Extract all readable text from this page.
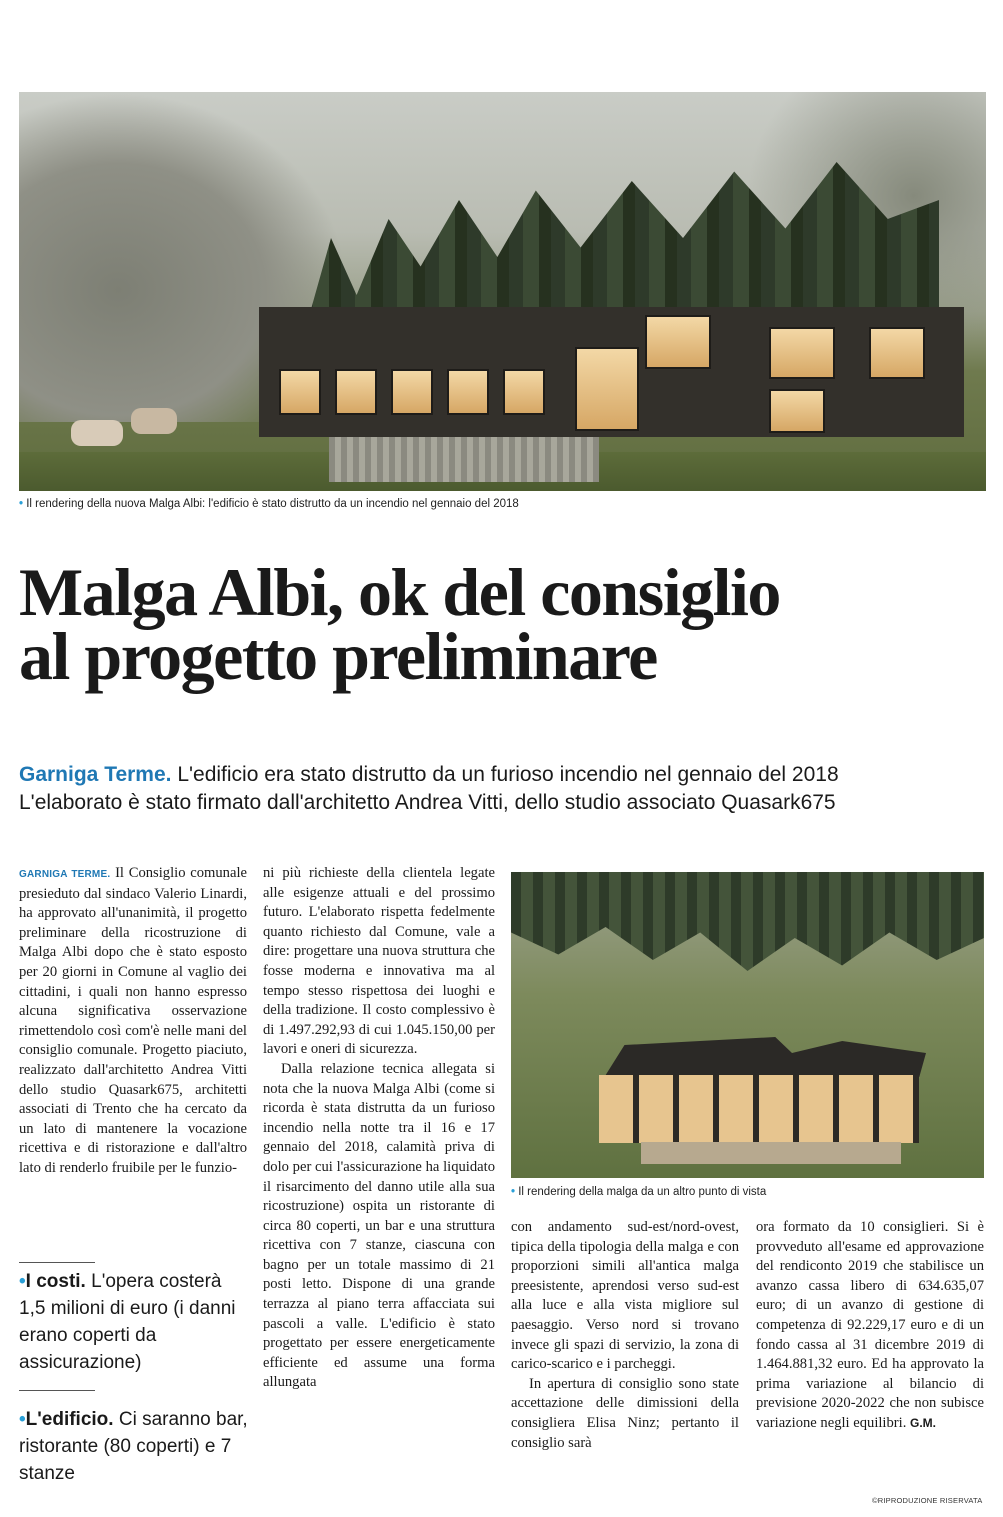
• Il rendering della nuova Malga Albi: l'edificio è stato distrutto da un incendio nel gennaio del 2018
Malga Albi, ok del consiglio
al progetto preliminare
Garniga Terme. L'edificio era stato distrutto da un furioso incendio nel gennaio del 2018
L'elaborato è stato firmato dall'architetto Andrea Vitti, dello studio associato Quasark675

GARNIGA TERME. Il Consiglio comunale presieduto dal sindaco Valerio Linardi, ha approvato all'unanimità, il progetto preliminare della ricostruzione di Malga Albi dopo che è stato esposto per 20 giorni in Comune al vaglio dei cittadini, i quali non hanno espresso alcuna significativa osservazione rimettendolo così com'è nelle mani del consiglio comunale. Progetto piaciuto, realizzato dall'architetto Andrea Vitti dello studio Quasark675, architetti associati di Trento che ha cercato da un lato di mantenere la vocazione ricettiva e di ristorazione e dall'altro lato di renderlo fruibile per le funzio-

•I costi. L'opera costerà 1,5 milioni di euro (i danni erano coperti da assicurazione)
•L'edificio. Ci saranno bar, ristorante (80 coperti) e 7 stanze

ni più richieste della clientela legate alle esigenze attuali e del prossimo futuro. L'elaborato rispetta fedelmente quanto richiesto dal Comune, vale a dire: progettare una nuova struttura che fosse moderna e innovativa ma al tempo stesso rispettosa dei luoghi e della tradizione. Il costo complessivo è di 1.497.292,93 di cui 1.045.150,00 per lavori e oneri di sicurezza.

Dalla relazione tecnica allegata si nota che la nuova Malga Albi (come si ricorda è stata distrutta da un furioso incendio nella notte tra il 16 e 17 gennaio del 2018, calamità priva di dolo per cui l'assicurazione ha liquidato il risarcimento del danno utile alla sua ricostruzione) ospita un ristorante di circa 80 coperti, un bar e una struttura ricettiva con 7 stanze, ciascuna con bagno per un totale massimo di 21 posti letto. Dispone di una grande terrazza al piano terra affacciata sui pascoli a valle. L'edificio è stato progettato per essere energeticamente efficiente ed assume una forma allungata

• Il rendering della malga da un altro punto di vista

con andamento sud-est/nord-ovest, tipica della tipologia della malga e con proporzioni simili all'antica malga preesistente, aprendosi verso sud-est alla luce e alla vista migliore sul paesaggio. Verso nord si trovano invece gli spazi di servizio, la zona di carico-scarico e i parcheggi.

In apertura di consiglio sono state accettazione delle dimissioni della consigliera Elisa Ninz; pertanto il consiglio sarà

ora formato da 10 consiglieri. Si è provveduto all'esame ed approvazione del rendiconto 2019 che stabilisce un avanzo cassa libero di 634.635,07 euro; di un avanzo di gestione di competenza di 92.229,17 euro e di un fondo cassa al 31 dicembre 2019 di 1.464.881,32 euro. Ed ha approvato la prima variazione al bilancio di previsione 2020-2022 che non subisce variazione negli equilibri. G.M.

©RIPRODUZIONE RISERVATA
